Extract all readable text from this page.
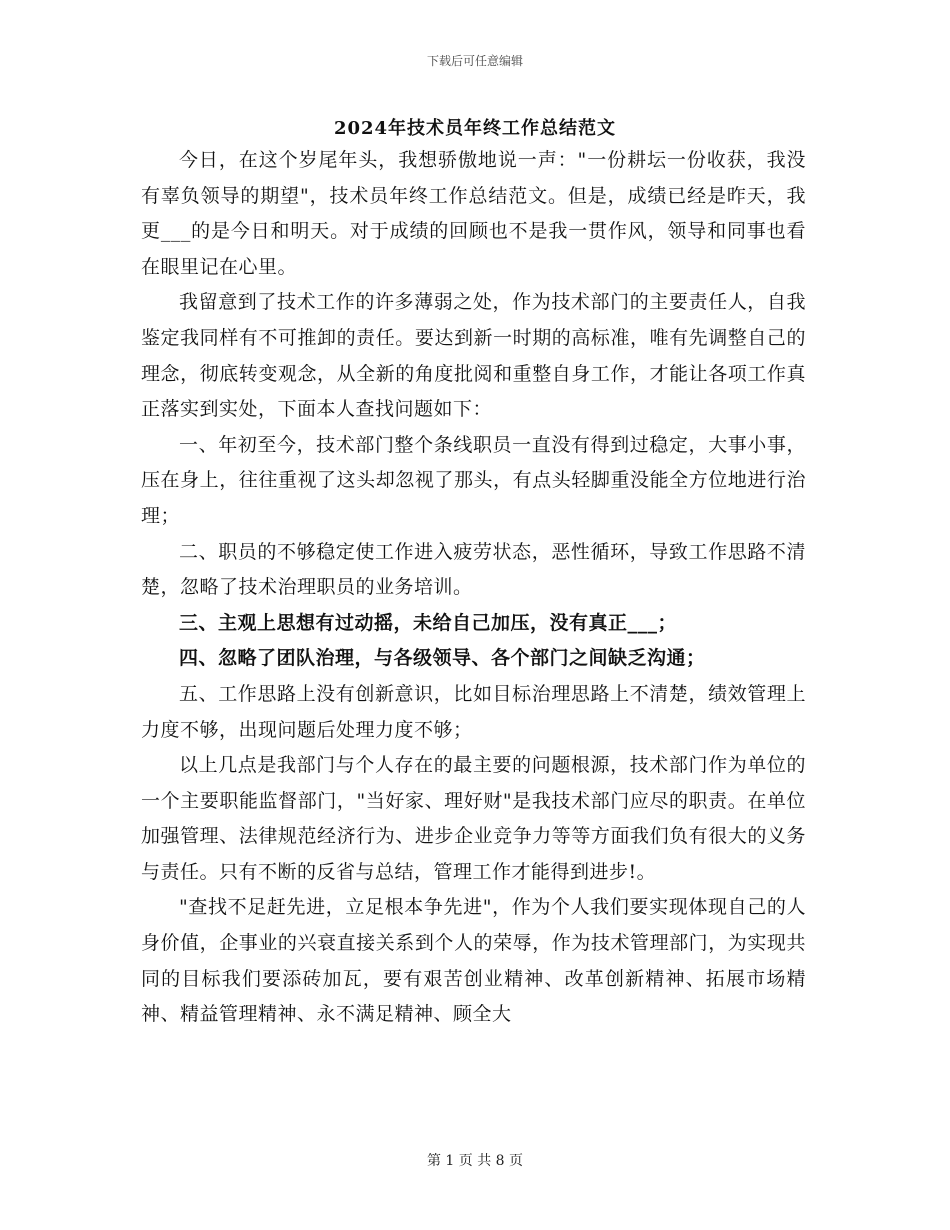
下载后可任意编辑
2024年技术员年终工作总结范文

今日，在这个岁尾年头，我想骄傲地说一声："一份耕坛一份收获，我没有辜负领导的期望"，技术员年终工作总结范文。但是，成绩已经是昨天，我更___的是今日和明天。对于成绩的回顾也不是我一贯作风，领导和同事也看在眼里记在心里。

我留意到了技术工作的许多薄弱之处，作为技术部门的主要责任人，自我鉴定我同样有不可推卸的责任。要达到新一时期的高标准，唯有先调整自己的理念，彻底转变观念，从全新的角度批阅和重整自身工作，才能让各项工作真正落实到实处，下面本人查找问题如下：

一、年初至今，技术部门整个条线职员一直没有得到过稳定，大事小事，压在身上，往往重视了这头却忽视了那头，有点头轻脚重没能全方位地进行治理；

二、职员的不够稳定使工作进入疲劳状态，恶性循环，导致工作思路不清楚，忽略了技术治理职员的业务培训。

三、主观上思想有过动摇，未给自己加压，没有真正___；

四、忽略了团队治理，与各级领导、各个部门之间缺乏沟通；

五、工作思路上没有创新意识，比如目标治理思路上不清楚，绩效管理上力度不够，出现问题后处理力度不够；

以上几点是我部门与个人存在的最主要的问题根源，技术部门作为单位的一个主要职能监督部门，"当好家、理好财"是我技术部门应尽的职责。在单位加强管理、法律规范经济行为、进步企业竞争力等等方面我们负有很大的义务与责任。只有不断的反省与总结，管理工作才能得到进步!。

"查找不足赶先进，立足根本争先进"，作为个人我们要实现体现自己的人身价值，企事业的兴衰直接关系到个人的荣辱，作为技术管理部门，为实现共同的目标我们要添砖加瓦，要有艰苦创业精神、改革创新精神、拓展市场精神、精益管理精神、永不满足精神、顾全大

第 1 页 共 8 页
